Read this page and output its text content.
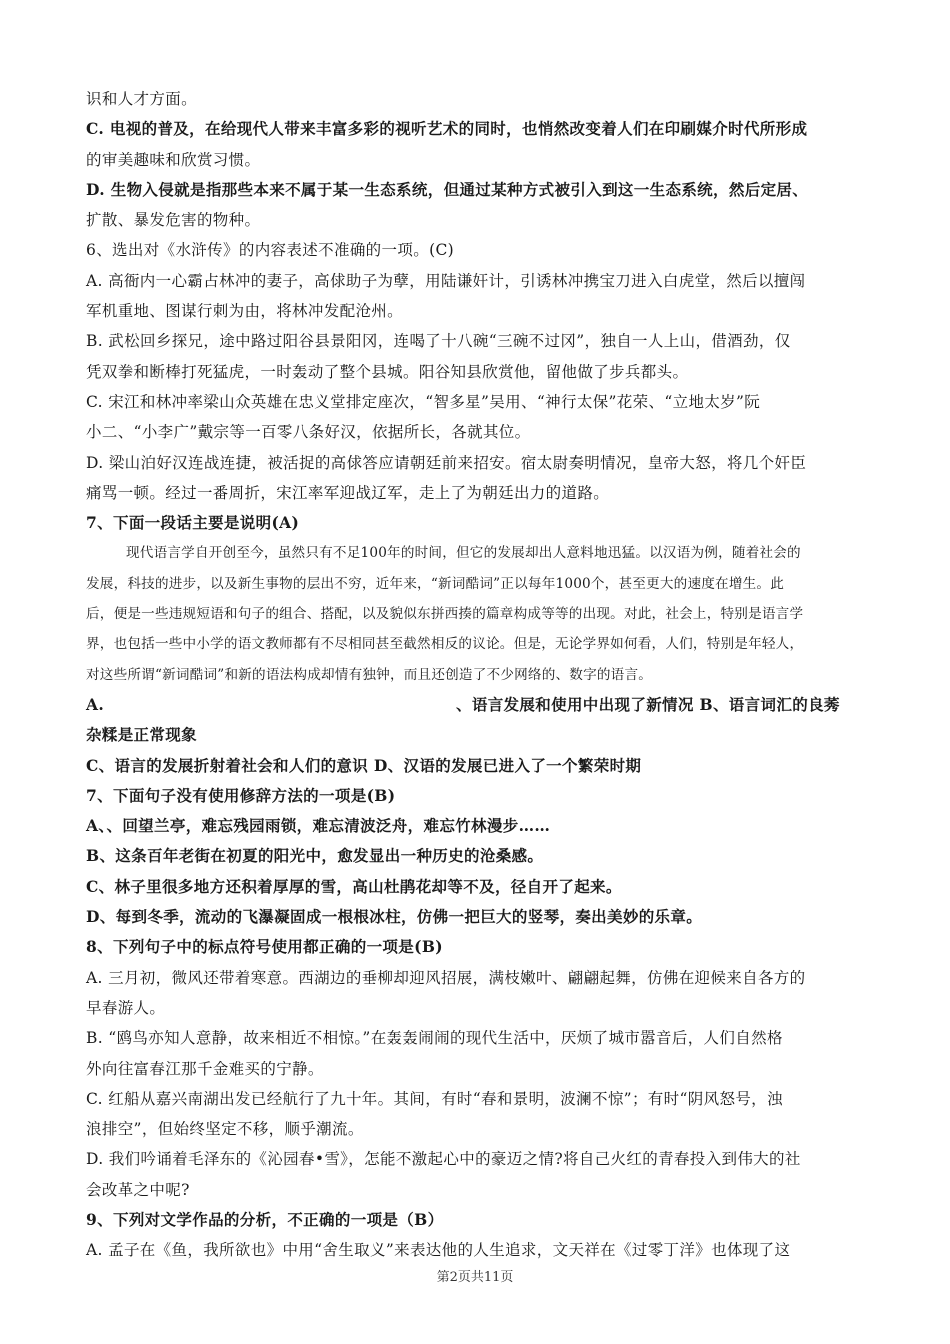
识和人才方面。
C. 电视的普及，在给现代人带来丰富多彩的视听艺术的同时，也悄然改变着人们在印刷媒介时代所形成
的审美趣味和欣赏习惯。
D. 生物入侵就是指那些本来不属于某一生态系统，但通过某种方式被引入到这一生态系统，然后定居、
扩散、暴发危害的物种。
6、选出对《水浒传》的内容表述不准确的一项。(C)
A. 高衙内一心霸占林冲的妻子，高俅助子为孽，用陆谦奸计，引诱林冲携宝刀进入白虎堂，然后以擅闯
军机重地、图谋行刺为由，将林冲发配沧州。
B. 武松回乡探兄，途中路过阳谷县景阳冈，连喝了十八碗“三碗不过冈”，独自一人上山，借酒劲，仅
凭双拳和断棒打死猛虎，一时轰动了整个县城。阳谷知县欣赏他，留他做了步兵都头。
C. 宋江和林冲率梁山众英雄在忠义堂排定座次，“智多星”吴用、“神行太保”花荣、“立地太岁”阮
小二、“小李广”戴宗等一百零八条好汉，依据所长，各就其位。
D. 梁山泊好汉连战连捷，被活捉的高俅答应请朝廷前来招安。宿太尉奏明情况，皇帝大怒，将几个奸臣
痛骂一顿。经过一番周折，宋江率军迎战辽军，走上了为朝廷出力的道路。
7、下面一段话主要是说明(A)
现代语言学自开创至今，虽然只有不足100年的时间，但它的发展却出人意料地迅猛。以汉语为例，随着社会的
发展，科技的进步，以及新生事物的层出不穷，近年来，“新词酷词”正以每年1000个，甚至更大的速度在增生。此
后，便是一些违规短语和句子的组合、搭配，以及貌似东拼西揍的篇章构成等等的出现。对此，社会上，特别是语言学
界，也包括一些中小学的语文教师都有不尽相同甚至截然相反的议论。但是，无论学界如何看，人们，特别是年轻人，
对这些所谓“新词酷词”和新的语法构成却情有独钟，而且还创造了不少网络的、数字的语言。
A.	、语言发展和使用中出现了新情况 B、语言词汇的良莠
杂糅是正常现象
C、语言的发展折射着社会和人们的意识 D、汉语的发展已进入了一个繁荣时期
7、下面句子没有使用修辞方法的一项是(B)
A、、回望兰亭，难忘残园雨锁，难忘清波泛舟，难忘竹林漫步……
B、这条百年老街在初夏的阳光中，愈发显出一种历史的沧桑感。
C、林子里很多地方还积着厚厚的雪，高山杜鹃花却等不及，径自开了起来。
D、每到冬季，流动的飞瀑凝固成一根根冰柱，仿佛一把巨大的竖琴，奏出美妙的乐章。
8、下列句子中的标点符号使用都正确的一项是(B)
A. 三月初，微风还带着寒意。西湖边的垂柳却迎风招展，满枝嫩叶、翩翩起舞，仿佛在迎候来自各方的
早春游人。
B. “鸥鸟亦知人意静，故来相近不相惊。”在轰轰闹闹的现代生活中，厌烦了城市嚣音后，人们自然格
外向往富春江那千金难买的宁静。
C. 红船从嘉兴南湖出发已经航行了九十年。其间，有时“春和景明，波澜不惊”；有时“阴风怒号，浊
浪排空”，但始终坚定不移，顺乎潮流。
D. 我们吟诵着毛泽东的《沁园春•雪》，怎能不激起心中的豪迈之情?将自己火红的青春投入到伟大的社
会改革之中呢?
9、下列对文学作品的分析，不正确的一项是（B）
A. 孟子在《鱼，我所欲也》中用“舍生取义”来表达他的人生追求，文天祥在《过零丁洋》也体现了这
第2页共11页
